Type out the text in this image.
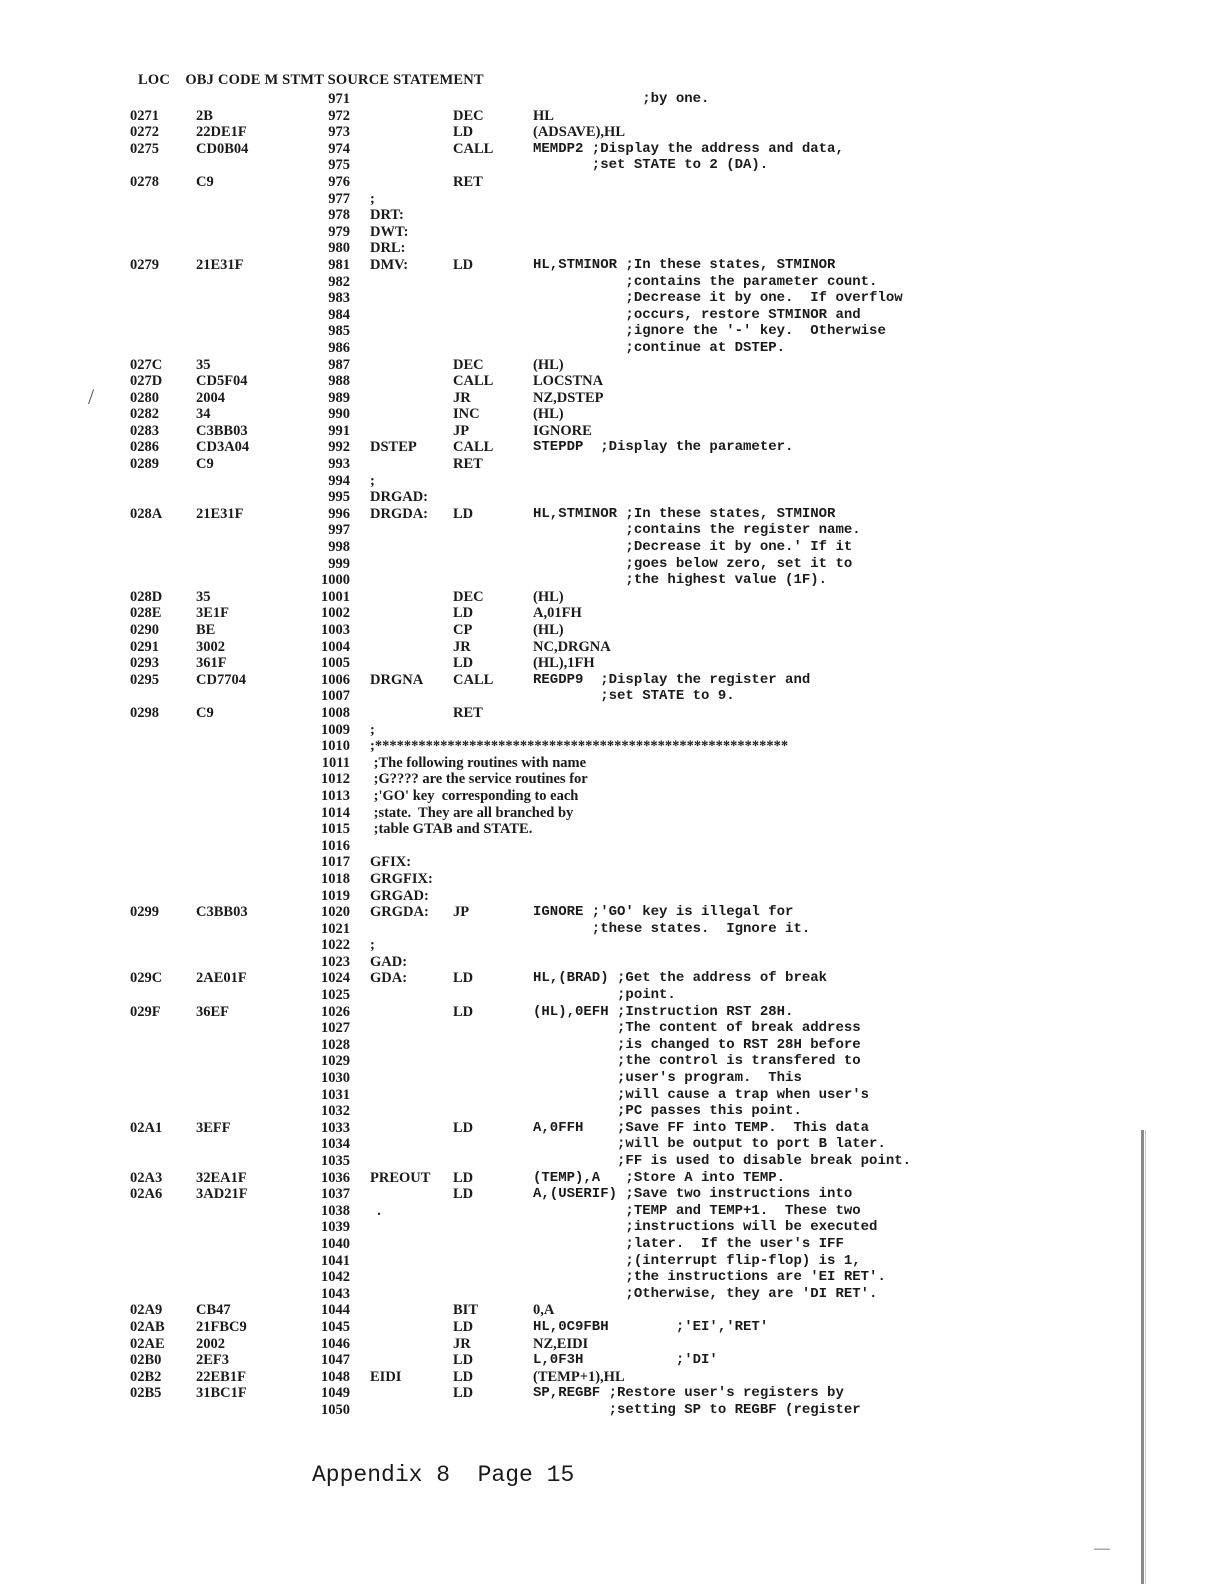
LOC    OBJ CODE M STMT SOURCE STATEMENT
971	;by one.
0271	2B	972	DEC	HL
0272	22DE1F	973	LD	(ADSAVE),HL
0275	CD0B04	974	CALL	MEMDP2 ;Display the address and data,
975	;set STATE to 2 (DA).
0278	C9	976	RET
977 ;
978 DRT:
979 DWT:
980 DRL:
0279	21E31F	981 DMV:	LD	HL,STMINOR ;In these states, STMINOR
982	;contains the parameter count.
983	;Decrease it by one.  If overflow
984	;occurs, restore STMINOR and
985	;ignore the '-' key.  Otherwise
986	;continue at DSTEP.
027C 35	987	DEC	(HL)
027D CD5F04	988	CALL	LOCSTNA
0280	2004	989	JR	NZ,DSTEP
0282	34	990	INC	(HL)
0283	C3BB03	991	JP	IGNORE
0286	CD3A04	992 DSTEP	CALL	STEPDP  ;Display the parameter.
0289	C9	993	RET
994 ;
995 DRGAD:
028A 21E31F	996 DRGDA: LD	HL,STMINOR ;In these states, STMINOR
997	;contains the register name.
998	;Decrease it by one.' If it
999	;goes below zero, set it to
1000	;the highest value (1F).
028D 35	1001	DEC	(HL)
028E 3E1F	1002	LD	A,01FH
0290	BE	1003	CP	(HL)
0291	3002	1004	JR	NC,DRGNA
0293	361F	1005	LD	(HL),1FH
0295	CD7704	1006 DRGNA CALL	REGDP9  ;Display the register and
1007	;set STATE to 9.
0298	C9	1008	RET
1009 ;
1010 ;*********************************************************
1011 ;The following routines with name
1012 ;G???? are the service routines for
1013 ;'GO' key  corresponding to each
1014 ;state.  They are all branched by
1015 ;table GTAB and STATE.
1016
1017 GFIX:
1018 GRGFIX:
1019 GRGAD:
0299	C3BB03	1020 GRGDA: JP	IGNORE ;'GO' key is illegal for
1021	;these states.  Ignore it.
1022 ;
1023 GAD:
029C 2AE01F	1024 GDA:	LD	HL,(BRAD) ;Get the address of break
1025	;point.
029F 36EF	1026	LD	(HL),0EFH ;Instruction RST 28H.
1027	;The content of break address
1028	;is changed to RST 28H before
1029	;the control is transfered to
1030	;user's program.  This
1031	;will cause a trap when user's
1032	;PC passes this point.
02A1 3EFF	1033	LD	A,0FFH    ;Save FF into TEMP.  This data
1034	;will be output to port B later.
1035	;FF is used to disable break point.
02A3 32EA1F	1036 PREOUT LD	(TEMP),A   ;Store A into TEMP.
02A6 3AD21F	1037	LD	A,(USERIF) ;Save two instructions into
1038 .	;TEMP and TEMP+1.  These two
1039	;instructions will be executed
1040	;later.  If the user's IFF
1041	;(interrupt flip-flop) is 1,
1042	;the instructions are 'EI RET'.
1043	;Otherwise, they are 'DI RET'.
02A9 CB47	1044	BIT	0,A
02AB 21FBC9	1045	LD	HL,0C9FBH        ;'EI','RET'
02AE 2002	1046	JR	NZ,EIDI
02B0 2EF3	1047	LD	L,0F3H           ;'DI'
02B2 22EB1F	1048 EIDI	LD	(TEMP+1),HL
02B5 31BC1F	1049	LD	SP,REGBF ;Restore user's registers by
1050	;setting SP to REGBF (register
Appendix 8  Page 15
/
—
